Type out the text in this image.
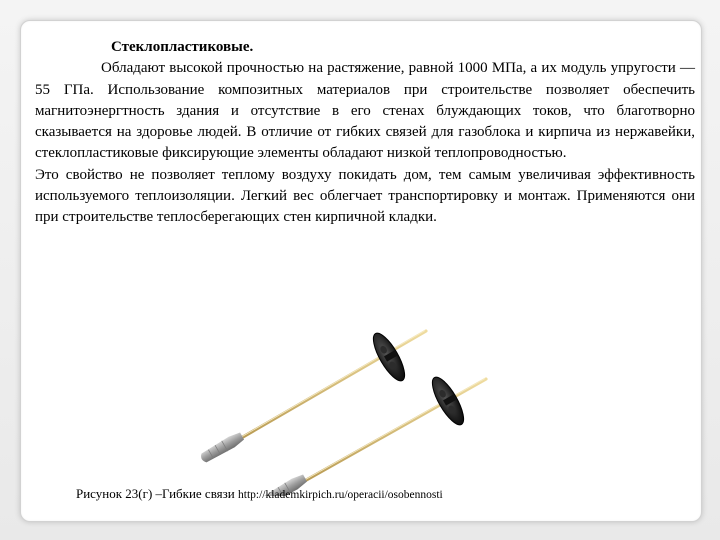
Стеклопластиковые.

Обладают высокой прочностью на растяжение, равной 1000 МПа, а их модуль упругости — 55 ГПа. Использование композитных материалов при строительстве позволяет обеспечить магнитоэнергтность здания и отсутствие в его стенах блуждающих токов, что благотворно сказывается на здоровье людей. В отличие от гибких связей для газоблока и кирпича из нержавейки, стеклопластиковые фиксирующие элементы обладают низкой теплопроводностью.

Это свойство не позволяет теплому воздуху покидать дом, тем самым увеличивая эффективность используемого теплоизоляции. Легкий вес облегчает транспортировку и монтаж. Применяются они при строительстве теплосберегающих стен кирпичной кладки.

Рисунок 23(г) –Гибкие связи http://klademkirpich.ru/operacii/osobennosti
